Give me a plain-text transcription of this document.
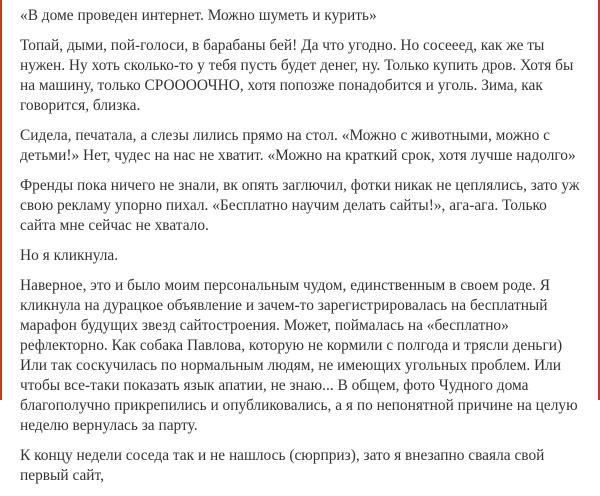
«В доме проведен интернет. Можно шуметь и курить»

Топай, дыми, пой-голоси, в барабаны бей! Да что угодно. Но сосееед, как же ты нужен. Ну хоть сколько-то у тебя пусть будет денег, ну. Только купить дров. Хотя бы на машину, только СРООООЧНО, хотя попозже понадобится и уголь. Зима, как говорится, близка.

Сидела, печатала, а слезы лились прямо на стол. «Можно с животными, можно с детьми!» Нет, чудес на нас не хватит. «Можно на краткий срок, хотя лучше надолго»

Френды пока ничего не знали, вк опять заглючил, фотки никак не цеплялись, зато уж свою рекламу упорно пихал. «Бесплатно научим делать сайты!», ага-ага. Только сайта мне сейчас не хватало.

Но я кликнула.

Наверное, это и было моим персональным чудом, единственным в своем роде. Я кликнула на дурацкое объявление и зачем-то зарегистрировалась на бесплатный марафон будущих звезд сайтостроения. Может, поймалась на «бесплатно» рефлекторно. Как собака Павлова, которую не кормили с полгода и трясли деньги) Или так соскучилась по нормальным людям, не имеющих угольных проблем. Или чтобы все-таки показать язык апатии, не знаю... В общем, фото Чудного дома благополучно прикрепились и опубликовались, а я по непонятной причине на целую неделю вернулась за парту.

К концу недели соседа так и не нашлось (сюрприз), зато я внезапно сваяла свой первый сайт,
